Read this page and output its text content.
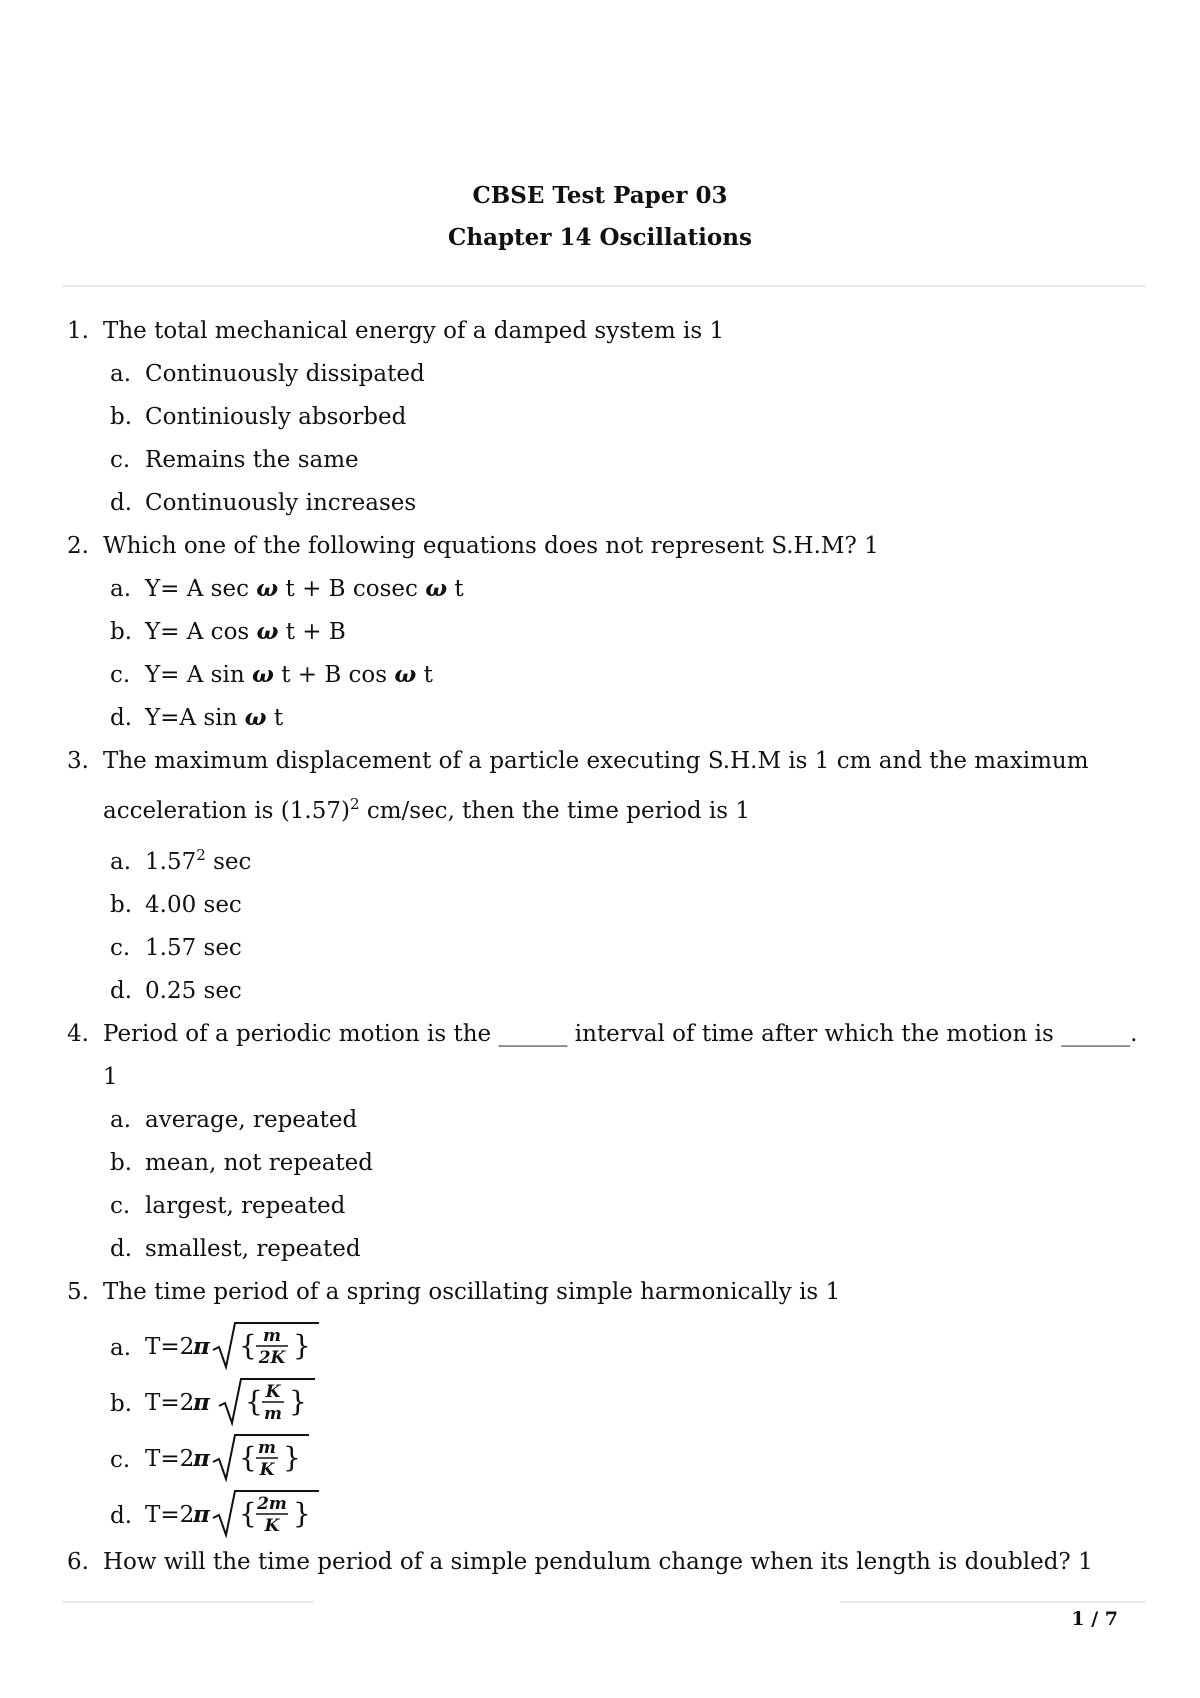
CBSE Test Paper 03
Chapter 14 Oscillations
1. The total mechanical energy of a damped system is 1
a. Continuously dissipated
b. Continiously absorbed
c. Remains the same
d. Continuously increases
2. Which one of the following equations does not represent S.H.M? 1
a. Y= A sec ω t + B cosec ω t
b. Y= A cos ω t + B
c. Y= A sin ω t + B cos ω t
d. Y=A sin ω t
3. The maximum displacement of a particle executing S.H.M is 1 cm and the maximum
acceleration is $(1.57)^2$ cm/sec, then the time period is 1
a. 1.57$^2$ sec
b. 4.00 sec
c. 1.57 sec
d. 0.25 sec
4. Period of a periodic motion is the ______ interval of time after which the motion is ______.
1
a. average, repeated
b. mean, not repeated
c. largest, repeated
d. smallest, repeated
5. The time period of a spring oscillating simple harmonically is 1
a. T=2
π { m
2K }
b. T=2
π { K
m }
c. T=2
π { m
K }
d. T=2
π { 2m
K }
6. How will the time period of a simple pendulum change when its length is doubled? 1
1 / 7
